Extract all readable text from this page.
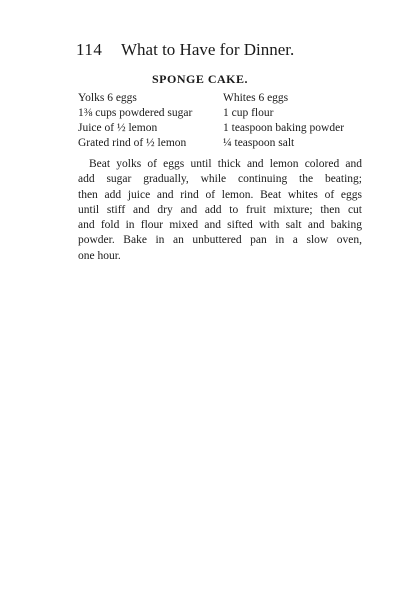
114 What to Have for Dinner.
SPONGE CAKE.
Yolks 6 eggs	Whites 6 eggs
1⅜ cups powdered sugar	1 cup flour
Juice of ½ lemon	1 teaspoon baking powder
Grated rind of ½ lemon	¼ teaspoon salt
Beat yolks of eggs until thick and lemon colored and
add sugar gradually, while continuing the beating;
then add juice and rind of lemon. Beat whites of eggs
until stiff and dry and add to fruit mixture; then cut
and fold in flour mixed and sifted with salt and baking
powder. Bake in an unbuttered pan in a slow oven,
one hour.
